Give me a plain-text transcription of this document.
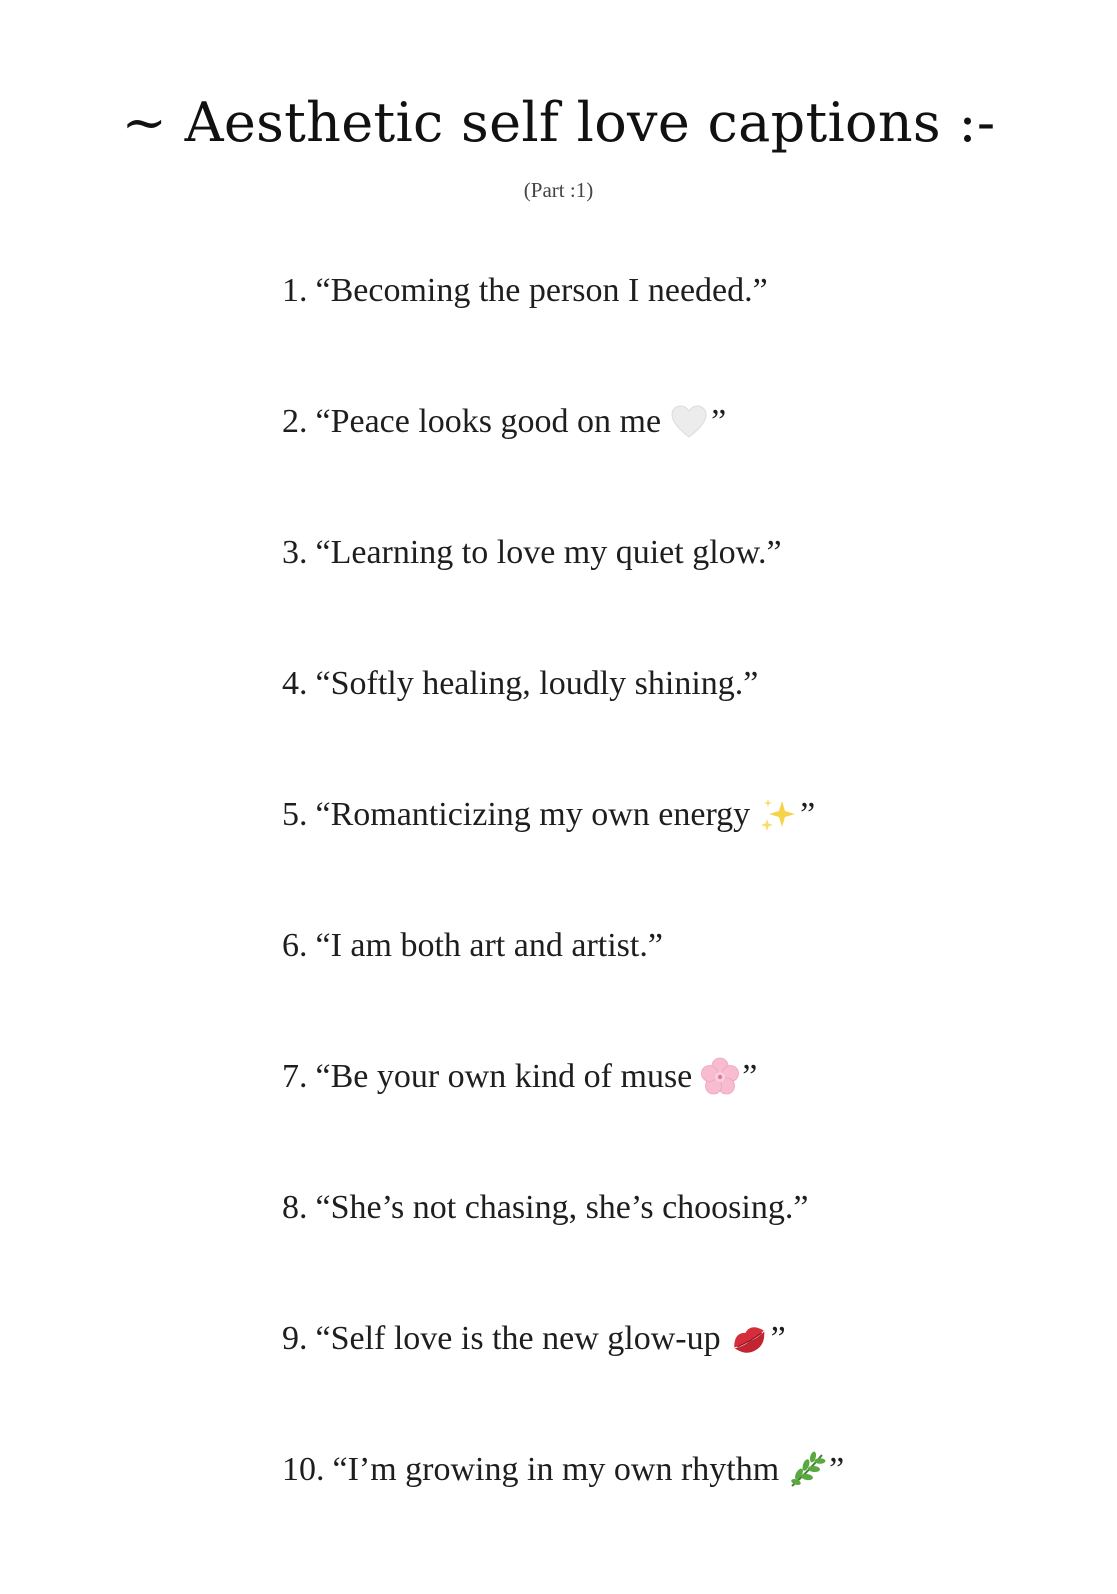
~ Aesthetic self love captions :-
(Part :1)
1. “Becoming the person I needed.”
2. “Peace looks good on me ”
3. “Learning to love my quiet glow.”
4. “Softly healing, loudly shining.”
5. “Romanticizing my own energy ”
6. “I am both art and artist.”
7. “Be your own kind of muse ”
8. “She’s not chasing, she’s choosing.”
9. “Self love is the new glow-up ”
10. “I’m growing in my own rhythm ”
